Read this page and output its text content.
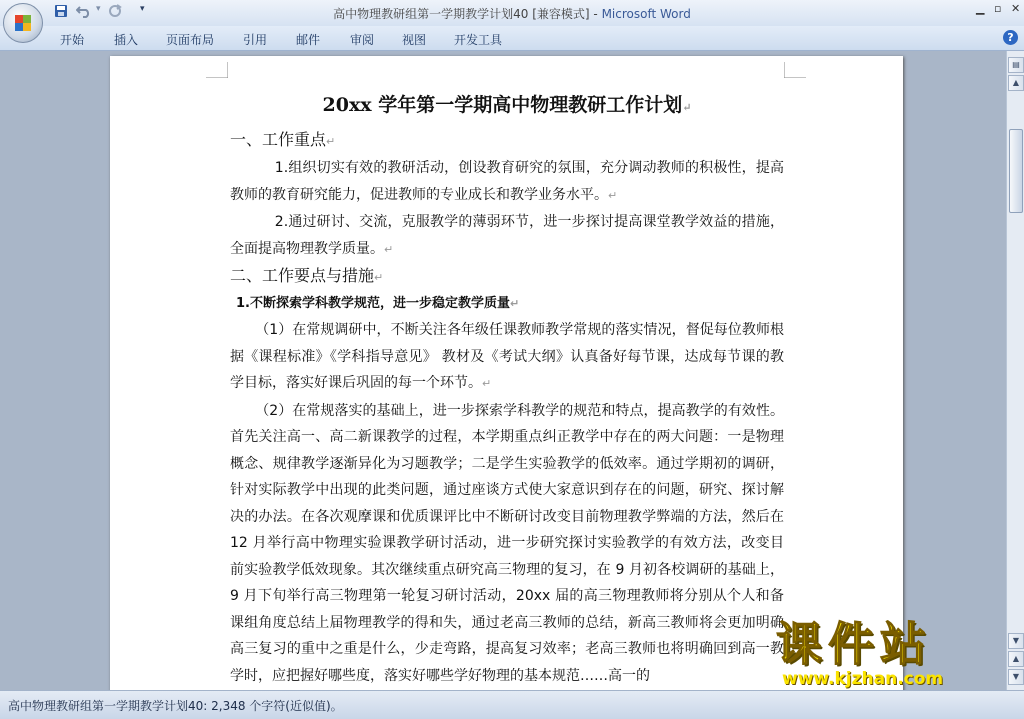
▾	▾	高中物理教研组第一学期教学计划40 [兼容模式] - Microsoft Word	▁ ▫ ✕
开始 插入 页面布局 引用 邮件 审阅 视图 开发工具	?

20xx 学年第一学期高中物理教研工作计划↵

一、工作重点↵

1.组织切实有效的教研活动，创设教育研究的氛围，充分调动教师的积极性，提高教师的教育研究能力，促进教师的专业成长和教学业务水平。↵

2.通过研讨、交流，克服教学的薄弱环节，进一步探讨提高课堂教学效益的措施，全面提高物理教学质量。↵

二、工作要点与措施↵

1.不断探索学科教学规范，进一步稳定教学质量↵

（1）在常规调研中，不断关注各年级任课教师教学常规的落实情况，督促每位教师根据《课程标准》《学科指导意见》 教材及《考试大纲》认真备好每节课，达成每节课的教学目标，落实好课后巩固的每一个环节。↵

（2）在常规落实的基础上，进一步探索学科教学的规范和特点，提高教学的有效性。首先关注高一、高二新课教学的过程，本学期重点纠正教学中存在的两大问题：一是物理概念、规律教学逐渐异化为习题教学；二是学生实验教学的低效率。通过学期初的调研，针对实际教学中出现的此类问题，通过座谈方式使大家意识到存在的问题，研究、探讨解决的办法。在各次观摩课和优质课评比中不断研讨改变目前物理教学弊端的方法，然后在 12 月举行高中物理实验课教学研讨活动，进一步研究探讨实验教学的有效方法，改变目前实验教学低效现象。其次继续重点研究高三物理的复习，在 9 月初各校调研的基础上，9 月下旬举行高三物理第一轮复习研讨活动，20xx 届的高三物理教师将分别从个人和备课组角度总结上届物理教学的得和失，通过老高三教师的总结，新高三教师将会更加明确高三复习的重中之重是什么，少走弯路，提高复习效率；老高三教师也将明确回到高一教学时，应把握好哪些度，落实好哪些学好物理的基本规范……高一的

▤
▲
▼
▲
▼
高中物理教研组第一学期教学计划40: 2,348 个字符(近似值)。
课件站
www.kjzhan.com
